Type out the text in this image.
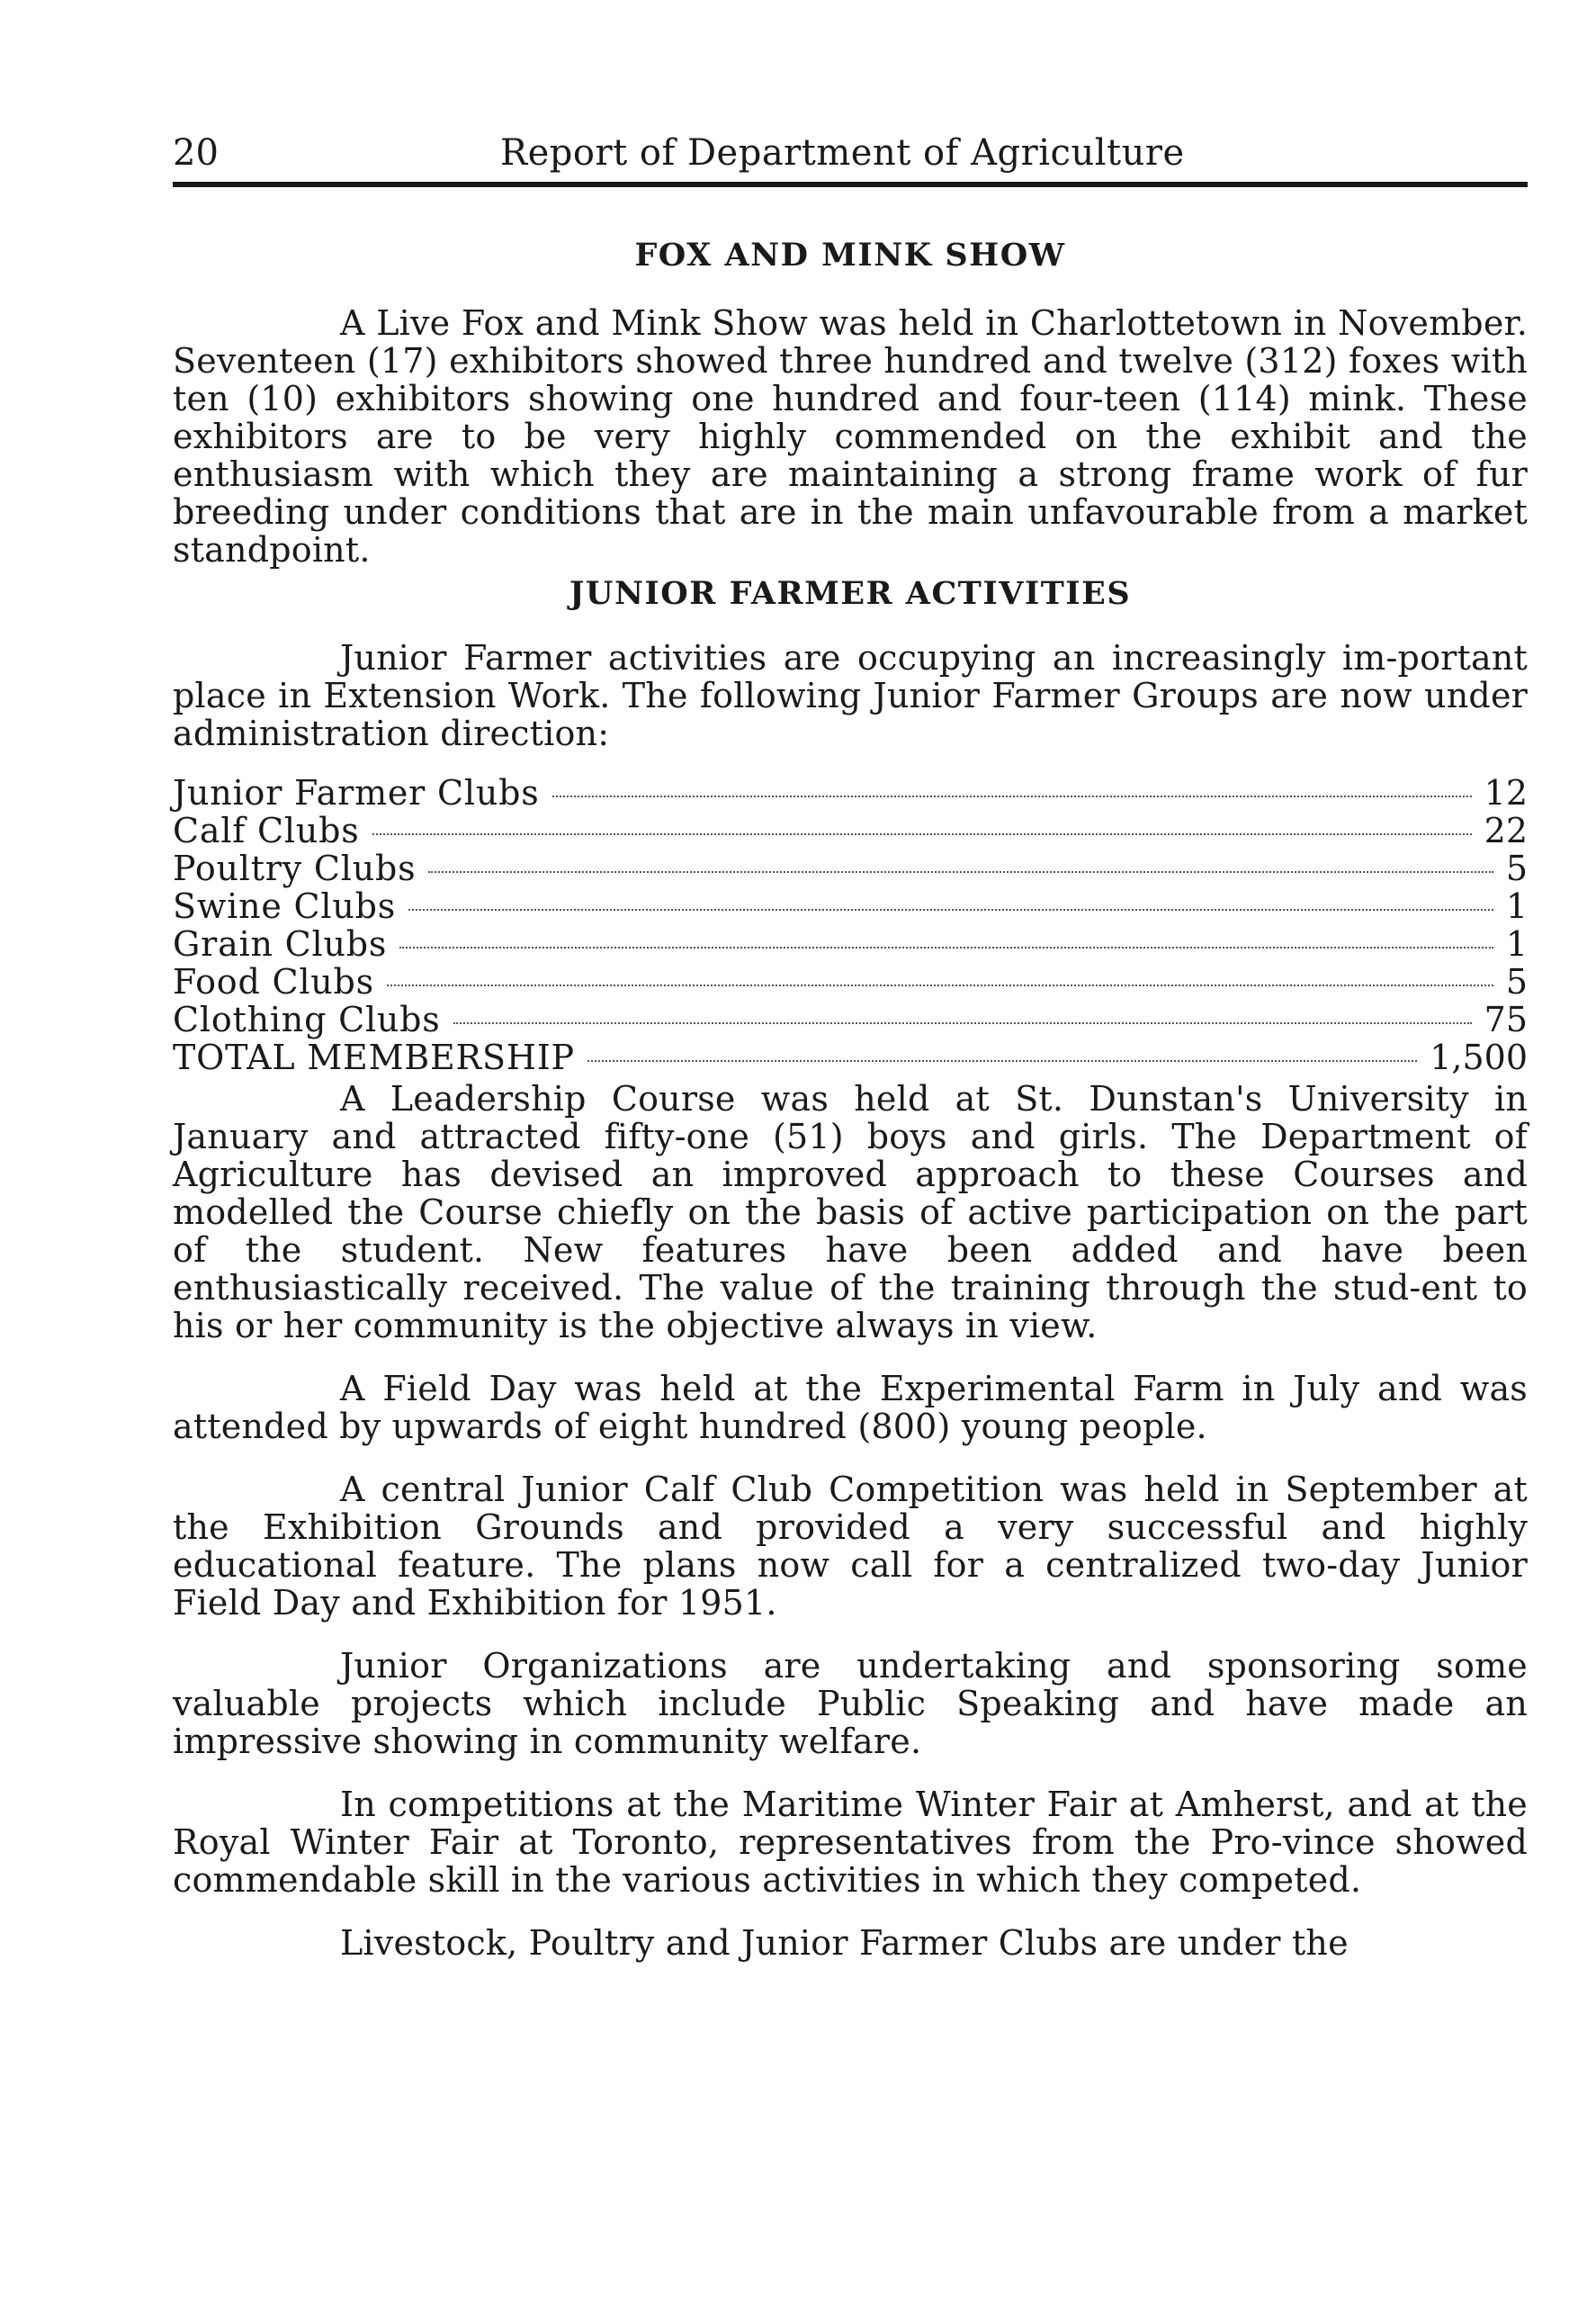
20	Report of Department of Agriculture
FOX AND MINK SHOW

A Live Fox and Mink Show was held in Charlottetown in November. Seventeen (17) exhibitors showed three hundred and twelve (312) foxes with ten (10) exhibitors showing one hundred and four-teen (114) mink. These exhibitors are to be very highly commended on the exhibit and the enthusiasm with which they are maintaining a strong frame work of fur breeding under conditions that are in the main unfavourable from a market standpoint.

JUNIOR FARMER ACTIVITIES

Junior Farmer activities are occupying an increasingly im-portant place in Extension Work. The following Junior Farmer Groups are now under administration direction:

Junior Farmer Clubs	12
Calf Clubs	22
Poultry Clubs	5
Swine Clubs	1
Grain Clubs	1
Food Clubs	5
Clothing Clubs	75
TOTAL MEMBERSHIP	1,500

A Leadership Course was held at St. Dunstan's University in January and attracted fifty-one (51) boys and girls. The Department of Agriculture has devised an improved approach to these Courses and modelled the Course chiefly on the basis of active participation on the part of the student. New features have been added and have been enthusiastically received. The value of the training through the stud-ent to his or her community is the objective always in view.

A Field Day was held at the Experimental Farm in July and was attended by upwards of eight hundred (800) young people.

A central Junior Calf Club Competition was held in September at the Exhibition Grounds and provided a very successful and highly educational feature. The plans now call for a centralized two-day Junior Field Day and Exhibition for 1951.

Junior Organizations are undertaking and sponsoring some valuable projects which include Public Speaking and have made an impressive showing in community welfare.

In competitions at the Maritime Winter Fair at Amherst, and at the Royal Winter Fair at Toronto, representatives from the Pro-vince showed commendable skill in the various activities in which they competed.

Livestock, Poultry and Junior Farmer Clubs are under the
